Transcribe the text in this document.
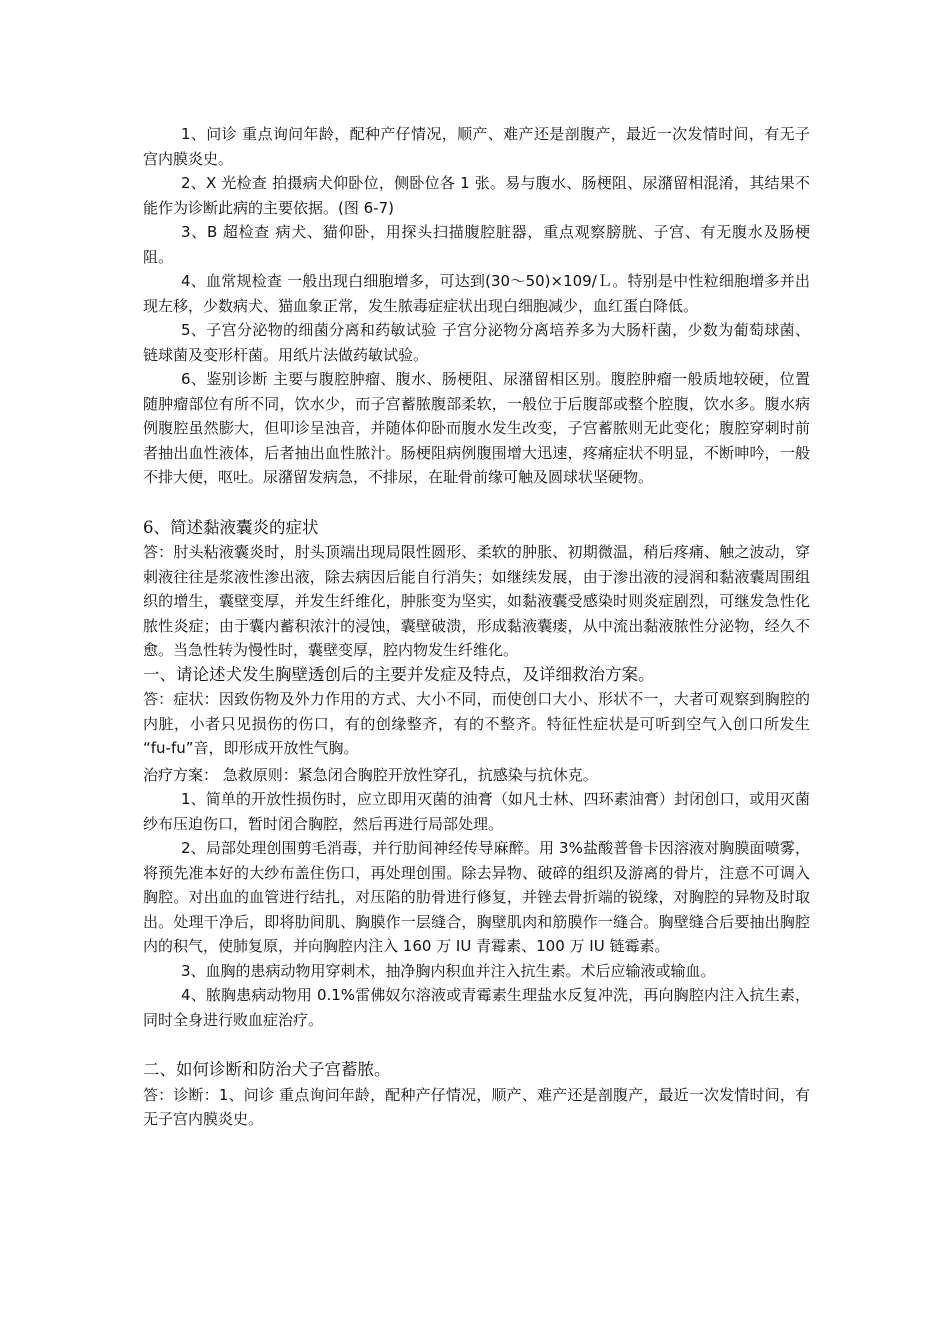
1、问诊 重点询问年龄，配种产仔情况，顺产、难产还是剖腹产，最近一次发情时间，有无子宫内膜炎史。

2、X 光检查 拍摄病犬仰卧位，侧卧位各 1 张。易与腹水、肠梗阻、尿潴留相混淆，其结果不能作为诊断此病的主要依据。(图 6-7)

3、B 超检查 病犬、猫仰卧，用探头扫描腹腔脏器，重点观察膀胱、子宫、有无腹水及肠梗阻。

4、血常规检查 一般出现白细胞增多，可达到(30～50)×109/Ｌ。特别是中性粒细胞增多并出现左移，少数病犬、猫血象正常，发生脓毒症症状出现白细胞减少，血红蛋白降低。

5、子宫分泌物的细菌分离和药敏试验 子宫分泌物分离培养多为大肠杆菌，少数为葡萄球菌、链球菌及变形杆菌。用纸片法做药敏试验。

6、鉴别诊断 主要与腹腔肿瘤、腹水、肠梗阻、尿潴留相区别。腹腔肿瘤一般质地较硬，位置随肿瘤部位有所不同，饮水少，而子宫蓄脓腹部柔软，一般位于后腹部或整个腔腹，饮水多。腹水病例腹腔虽然膨大，但叩诊呈浊音，并随体仰卧而腹水发生改变，子宫蓄脓则无此变化；腹腔穿刺时前者抽出血性液体，后者抽出血性脓汁。肠梗阻病例腹围增大迅速，疼痛症状不明显，不断呻吟，一般不排大便，呕吐。尿潴留发病急，不排尿，在耻骨前缘可触及圆球状坚硬物。

6、简述黏液囊炎的症状

答：肘头粘液囊炎时，肘头顶端出现局限性圆形、柔软的肿胀、初期微温，稍后疼痛、触之波动，穿刺液往往是浆液性渗出液，除去病因后能自行消失；如继续发展，由于渗出液的浸润和黏液囊周围组织的增生，囊壁变厚，并发生纤维化，肿胀变为坚实，如黏液囊受感染时则炎症剧烈，可继发急性化脓性炎症；由于囊内蓄积浓汁的浸蚀，囊壁破溃，形成黏液囊瘘，从中流出黏液脓性分泌物，经久不愈。当急性转为慢性时，囊壁变厚，腔内物发生纤维化。

一、请论述犬发生胸壁透创后的主要并发症及特点，及详细救治方案。

答：症状：因致伤物及外力作用的方式、大小不同，而使创口大小、形状不一，大者可观察到胸腔的内脏，小者只见损伤的伤口，有的创缘整齐，有的不整齐。特征性症状是可听到空气入创口所发生 “fu-fu”音，即形成开放性气胸。

治疗方案： 急救原则：紧急闭合胸腔开放性穿孔，抗感染与抗休克。

1、简单的开放性损伤时，应立即用灭菌的油膏（如凡士林、四环素油膏）封闭创口，或用灭菌纱布压迫伤口，暂时闭合胸腔，然后再进行局部处理。

2、局部处理创围剪毛消毒，并行肋间神经传导麻醉。用 3%盐酸普鲁卡因溶液对胸膜面喷雾，将预先准本好的大纱布盖住伤口，再处理创围。除去异物、破碎的组织及游离的骨片，注意不可调入胸腔。对出血的血管进行结扎，对压陷的肋骨进行修复，并锉去骨折端的锐缘，对胸腔的异物及时取出。处理干净后，即将肋间肌、胸膜作一层缝合，胸壁肌肉和筋膜作一缝合。胸壁缝合后要抽出胸腔内的积气，使肺复原，并向胸腔内注入 160 万 IU 青霉素、100 万 IU 链霉素。

3、血胸的患病动物用穿刺术，抽净胸内积血并注入抗生素。术后应输液或输血。

4、脓胸患病动物用 0.1%雷佛奴尔溶液或青霉素生理盐水反复冲洗，再向胸腔内注入抗生素，同时全身进行败血症治疗。

二、如何诊断和防治犬子宫蓄脓。

答：诊断：1、问诊 重点询问年龄，配种产仔情况，顺产、难产还是剖腹产，最近一次发情时间，有无子宫内膜炎史。
